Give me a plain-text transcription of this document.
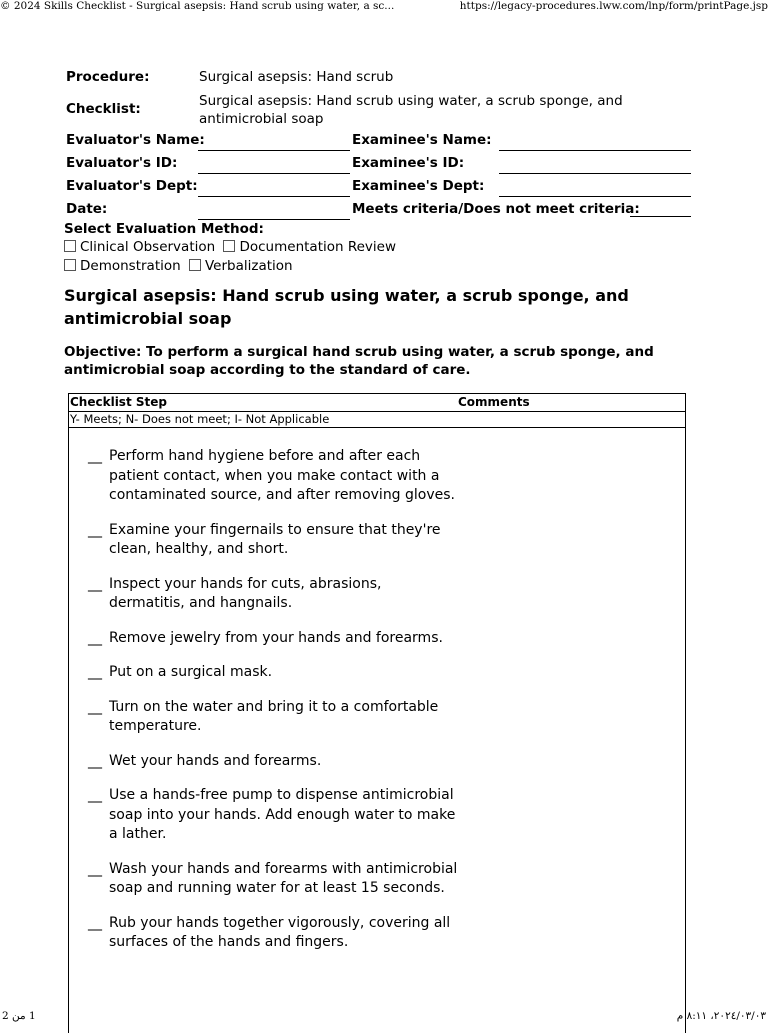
© 2024 Skills Checklist - Surgical asepsis: Hand scrub using water, a sc...	https://legacy-procedures.lww.com/lnp/form/printPage.jsp
Procedure:	Surgical asepsis: Hand scrub
Checklist:	Surgical asepsis: Hand scrub using water, a scrub sponge, and antimicrobial soap
Evaluator's Name:	Examinee's Name:
Evaluator's ID:	Examinee's ID:
Evaluator's Dept:	Examinee's Dept:
Date:	Meets criteria/Does not meet criteria:
Select Evaluation Method:
Clinical Observation Documentation Review
Demonstration Verbalization
Surgical asepsis: Hand scrub using water, a scrub sponge, and antimicrobial soap
Objective: To perform a surgical hand scrub using water, a scrub sponge, and antimicrobial soap according to the standard of care.
Checklist Step	Comments
Y- Meets; N- Does not meet; I- Not Applicable
__ Perform hand hygiene before and after each patient contact, when you make contact with a contaminated source, and after removing gloves.
__ Examine your fingernails to ensure that they're clean, healthy, and short.
__ Inspect your hands for cuts, abrasions, dermatitis, and hangnails.
__ Remove jewelry from your hands and forearms.
__ Put on a surgical mask.
__ Turn on the water and bring it to a comfortable temperature.
__ Wet your hands and forearms.
__ Use a hands-free pump to dispense antimicrobial soap into your hands. Add enough water to make a lather.
__ Wash your hands and forearms with antimicrobial soap and running water for at least 15 seconds.
__ Rub your hands together vigorously, covering all surfaces of the hands and fingers.
1 من 2	٢٠٢٤/٠٣/٠٣، ٨:١١ م
